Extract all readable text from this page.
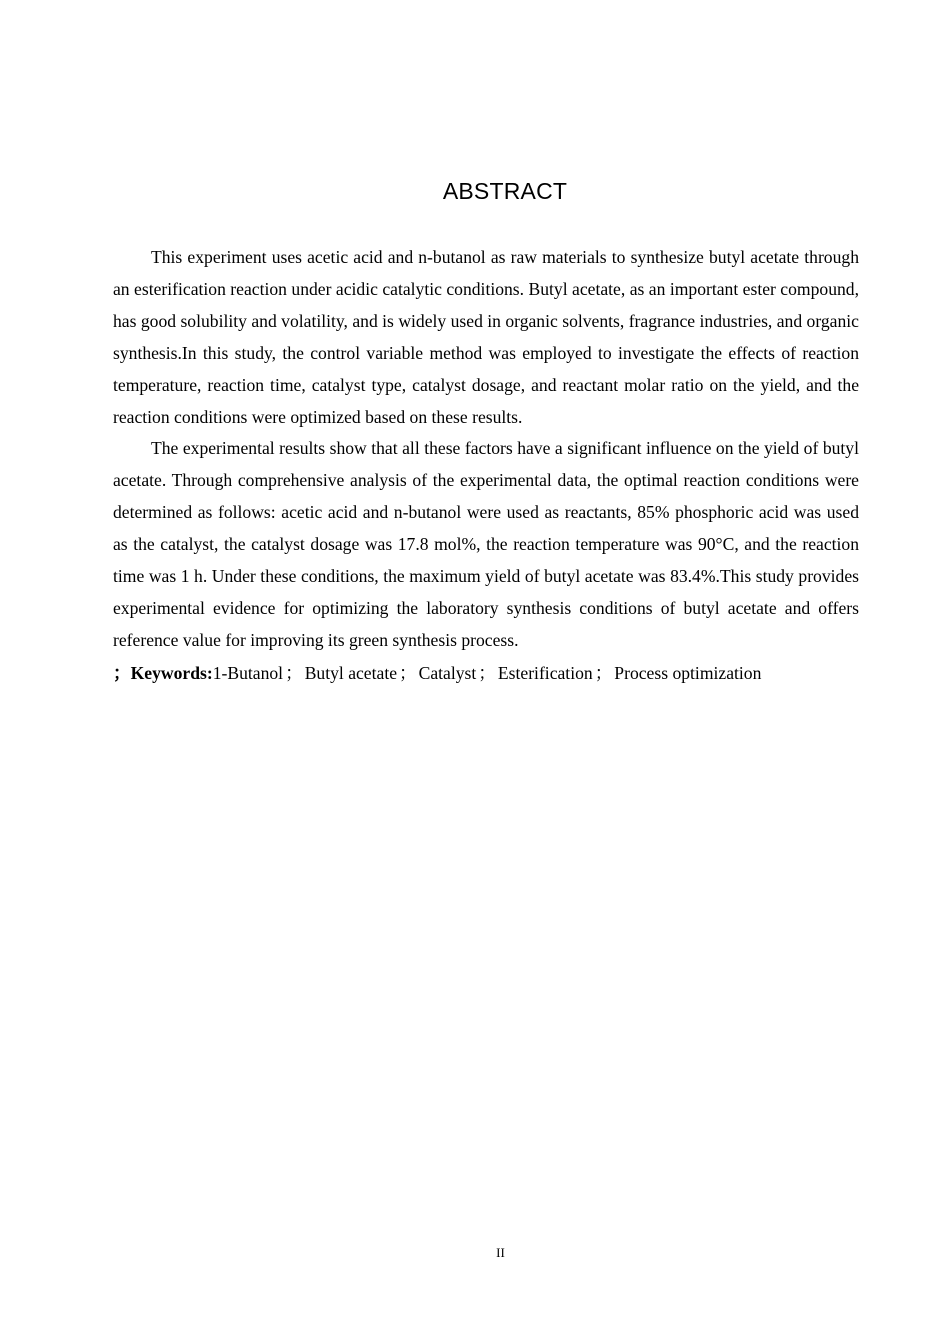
ABSTRACT

This experiment uses acetic acid and n-butanol as raw materials to synthesize butyl acetate through an esterification reaction under acidic catalytic conditions. Butyl acetate, as an important ester compound, has good solubility and volatility, and is widely used in organic solvents, fragrance industries, and organic synthesis.In this study, the control variable method was employed to investigate the effects of reaction temperature, reaction time, catalyst type, catalyst dosage, and reactant molar ratio on the yield, and the reaction conditions were optimized based on these results.

The experimental results show that all these factors have a significant influence on the yield of butyl acetate. Through comprehensive analysis of the experimental data, the optimal reaction conditions were determined as follows: acetic acid and n-butanol were used as reactants, 85% phosphoric acid was used as the catalyst, the catalyst dosage was 17.8 mol%, the reaction temperature was 90°C, and the reaction time was 1 h. Under these conditions, the maximum yield of butyl acetate was 83.4%.This study provides experimental evidence for optimizing the laboratory synthesis conditions of butyl acetate and offers reference value for improving its green synthesis process.

；Keywords:1-Butanol ； Butyl acetate ； Catalyst ； Esterification ； Process optimization
II
